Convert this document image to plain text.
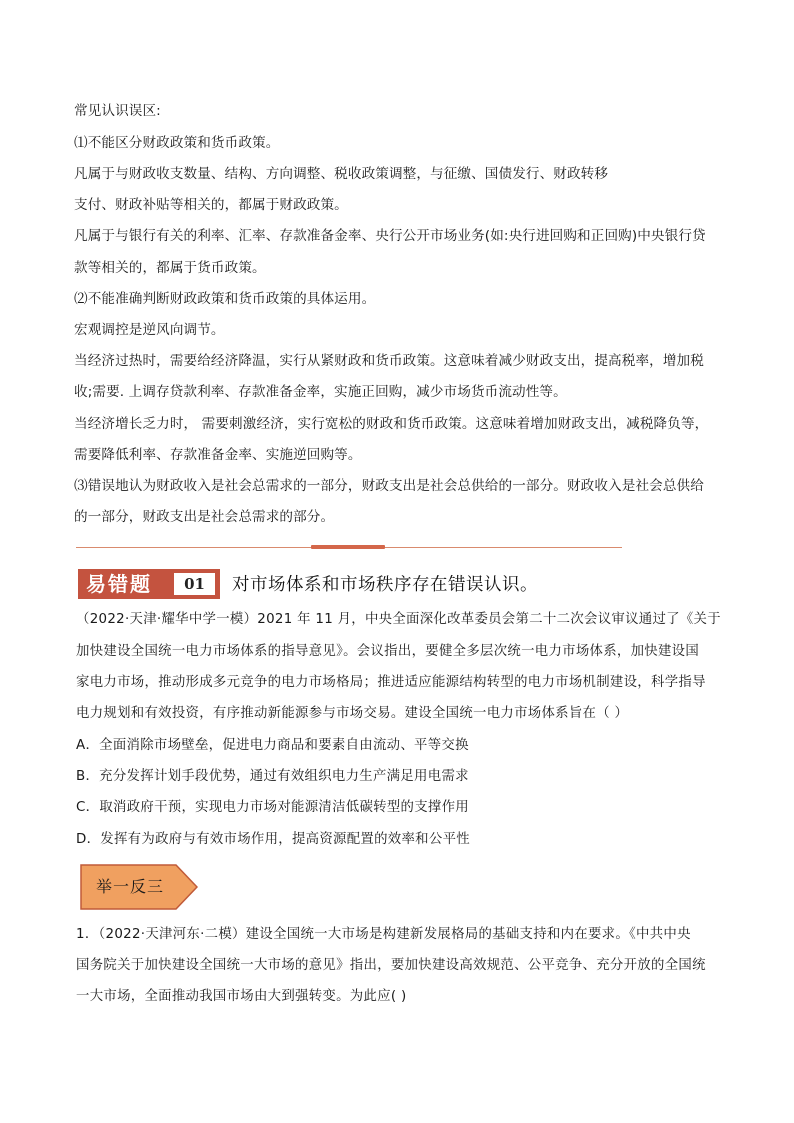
常见认识误区:
⑴不能区分财政政策和货币政策。
凡属于与财政收支数量、结构、方向调整、税收政策调整，与征缴、国债发行、财政转移
支付、财政补贴等相关的，都属于财政政策。
凡属于与银行有关的利率、汇率、存款准备金率、央行公开市场业务(如:央行进回购和正回购)中央银行贷
款等相关的，都属于货币政策。
⑵不能准确判断财政政策和货币政策的具体运用。
宏观调控是逆风向调节。
当经济过热时，需要给经济降温，实行从紧财政和货币政策。这意味着减少财政支出，提高税率，增加税
收;需要. 上调存贷款利率、存款准备金率，实施正回购，减少市场货币流动性等。
当经济增长乏力时， 需要刺激经济，实行宽松的财政和货币政策。这意味着增加财政支出，减税降负等，
需要降低利率、存款准备金率、实施逆回购等。
⑶错误地认为财政收入是社会总需求的一部分，财政支出是社会总供给的一部分。财政收入是社会总供给
的一部分，财政支出是社会总需求的部分。
易错题	01	对市场体系和市场秩序存在错误认识。
（2022·天津·耀华中学一模）2021 年 11 月，中央全面深化改革委员会第二十二次会议审议通过了《关于
加快建设全国统一电力市场体系的指导意见》。会议指出，要健全多层次统一电力市场体系，加快建设国
家电力市场，推动形成多元竞争的电力市场格局；推进适应能源结构转型的电力市场机制建设，科学指导
电力规划和有效投资，有序推动新能源参与市场交易。建设全国统一电力市场体系旨在（ ）
A．全面消除市场壁垒，促进电力商品和要素自由流动、平等交换
B．充分发挥计划手段优势，通过有效组织电力生产满足用电需求
C．取消政府干预，实现电力市场对能源清洁低碳转型的支撑作用
D．发挥有为政府与有效市场作用，提高资源配置的效率和公平性
举一反三
1．（2022·天津河东·二模）建设全国统一大市场是构建新发展格局的基础支持和内在要求。《中共中央
国务院关于加快建设全国统一大市场的意见》指出，要加快建设高效规范、公平竞争、充分开放的全国统
一大市场，全面推动我国市场由大到强转变。为此应( )
